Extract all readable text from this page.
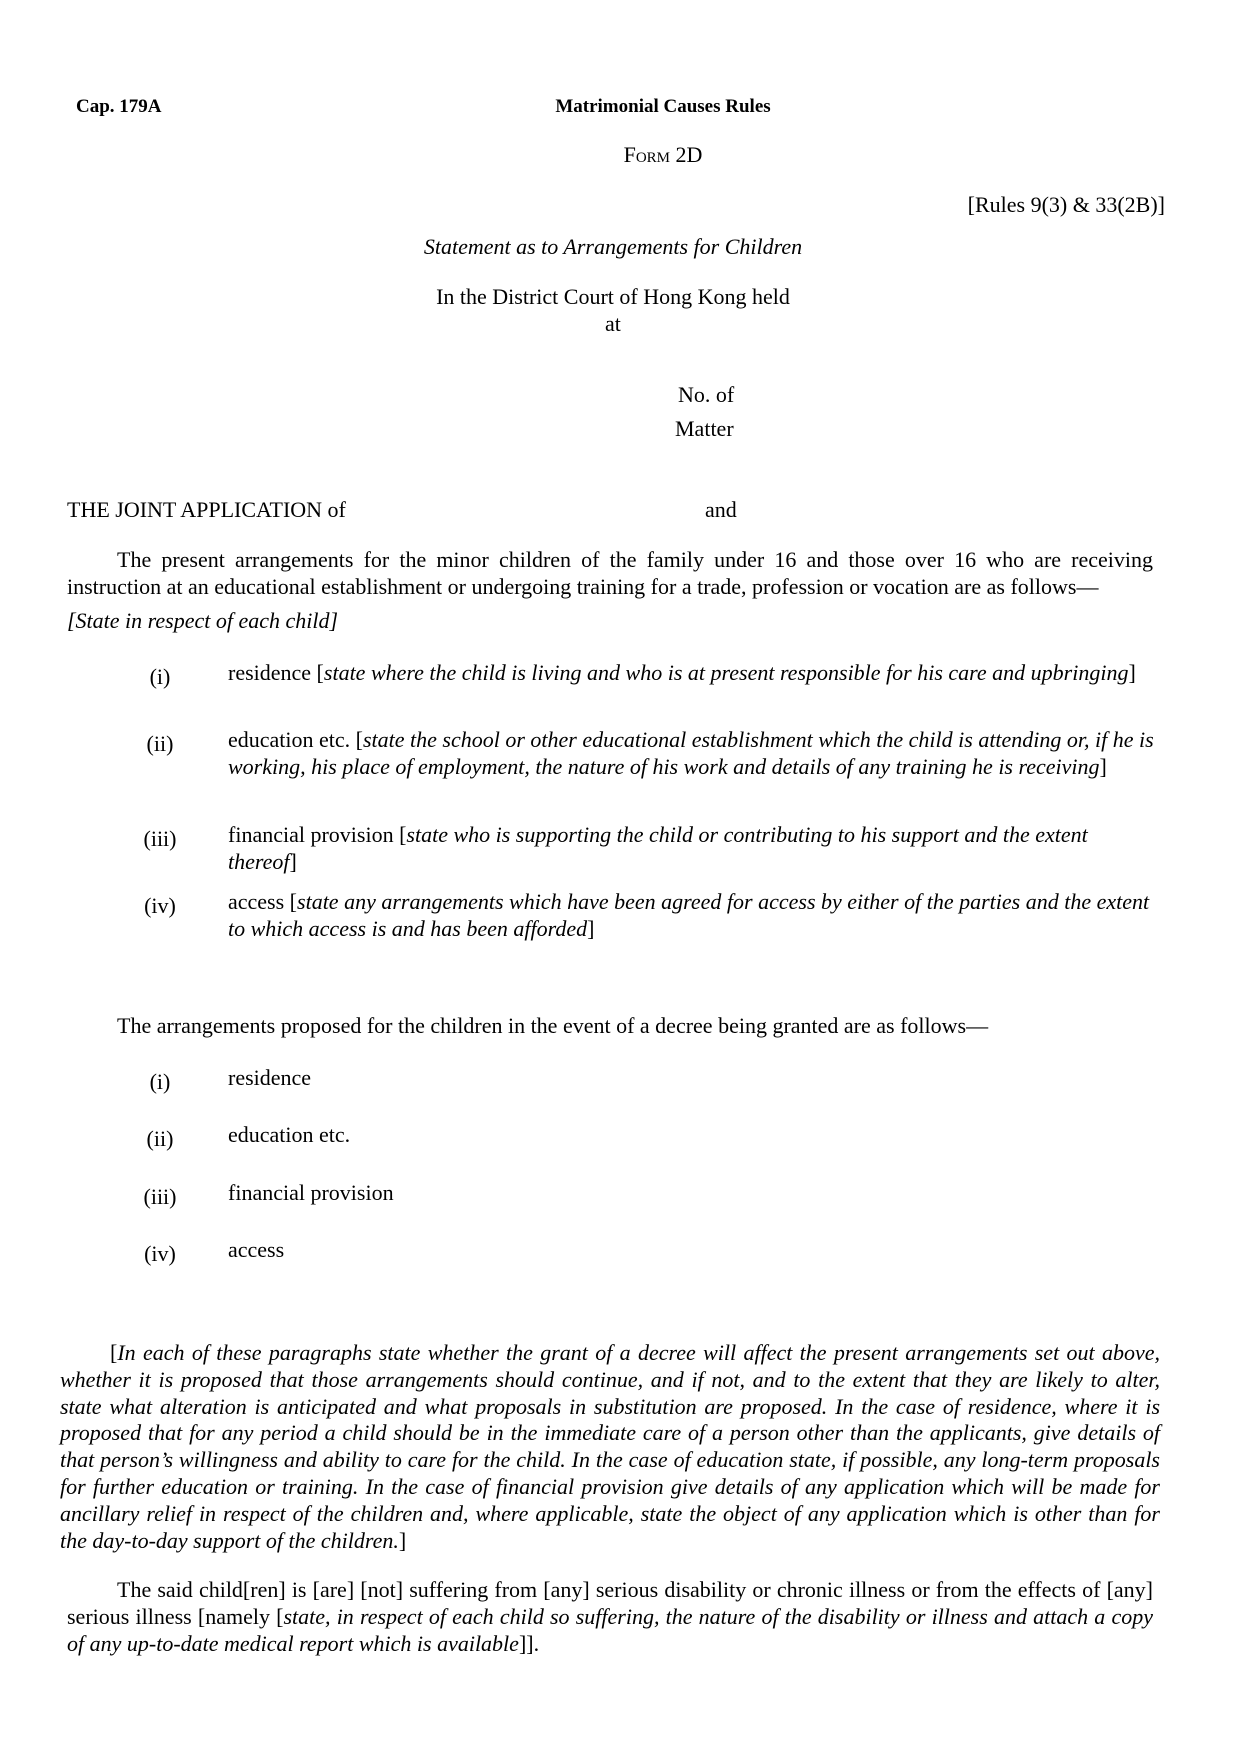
Cap. 179A	Matrimonial Causes Rules
Form 2D
[Rules 9(3) & 33(2B)]
Statement as to Arrangements for Children
In the District Court of Hong Kong held
at
No. of
Matter
THE JOINT APPLICATION of	and
The present arrangements for the minor children of the family under 16 and those over 16 who are receiving instruction at an educational establishment or undergoing training for a trade, profession or vocation are as follows—
[State in respect of each child]
(i)	residence [state where the child is living and who is at present responsible for his care and upbringing]
(ii)	education etc. [state the school or other educational establishment which the child is attending or, if he is working, his place of employment, the nature of his work and details of any training he is receiving]
(iii)	financial provision [state who is supporting the child or contributing to his support and the extent thereof]
(iv)	access [state any arrangements which have been agreed for access by either of the parties and the extent to which access is and has been afforded]
The arrangements proposed for the children in the event of a decree being granted are as follows—
(i)	residence
(ii)	education etc.
(iii)	financial provision
(iv)	access
[In each of these paragraphs state whether the grant of a decree will affect the present arrangements set out above, whether it is proposed that those arrangements should continue, and if not, and to the extent that they are likely to alter, state what alteration is anticipated and what proposals in substitution are proposed. In the case of residence, where it is proposed that for any period a child should be in the immediate care of a person other than the applicants, give details of that person’s willingness and ability to care for the child. In the case of education state, if possible, any long-term proposals for further education or training. In the case of financial provision give details of any application which will be made for ancillary relief in respect of the children and, where applicable, state the object of any application which is other than for the day-to-day support of the children.]
The said child[ren] is [are] [not] suffering from [any] serious disability or chronic illness or from the effects of [any] serious illness [namely [state, in respect of each child so suffering, the nature of the disability or illness and attach a copy of any up-to-date medical report which is available]].
